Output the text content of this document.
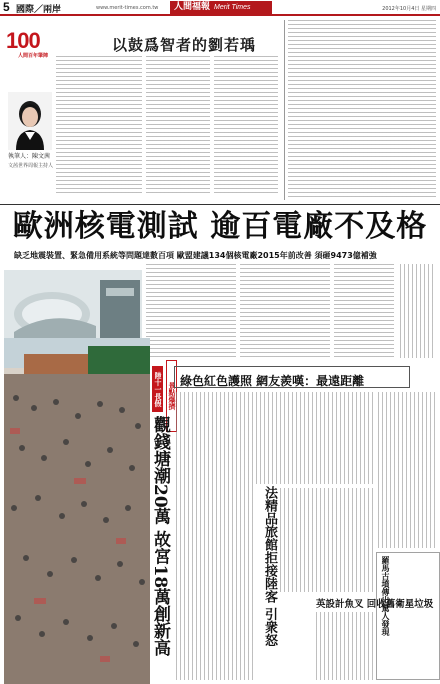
5 國際／兩岸	www.merit-times.com.tw	人間福報 Merit Times	2012年10月4日 星期四
100
人間百年筆陣
以鼓爲智者的劉若瑀
執筆人：陳文茜
文茜世界周報主持人
歐洲核電測試 逾百電廠不及格
缺乏地震裝置、緊急備用系統等問題達數百項 歐盟建議134個核電廠2015年前改善 須砸9473億補強
陸十一長假 景點爆擠
觀錢塘潮20萬 故宮18萬創新高
綠色紅色護照 網友羨嘆：最遠距離
法精品旅館拒接陸客 引衆怒	英設計魚叉 回收舊衛星垃圾
羅馬古墳傳出驚人發現
